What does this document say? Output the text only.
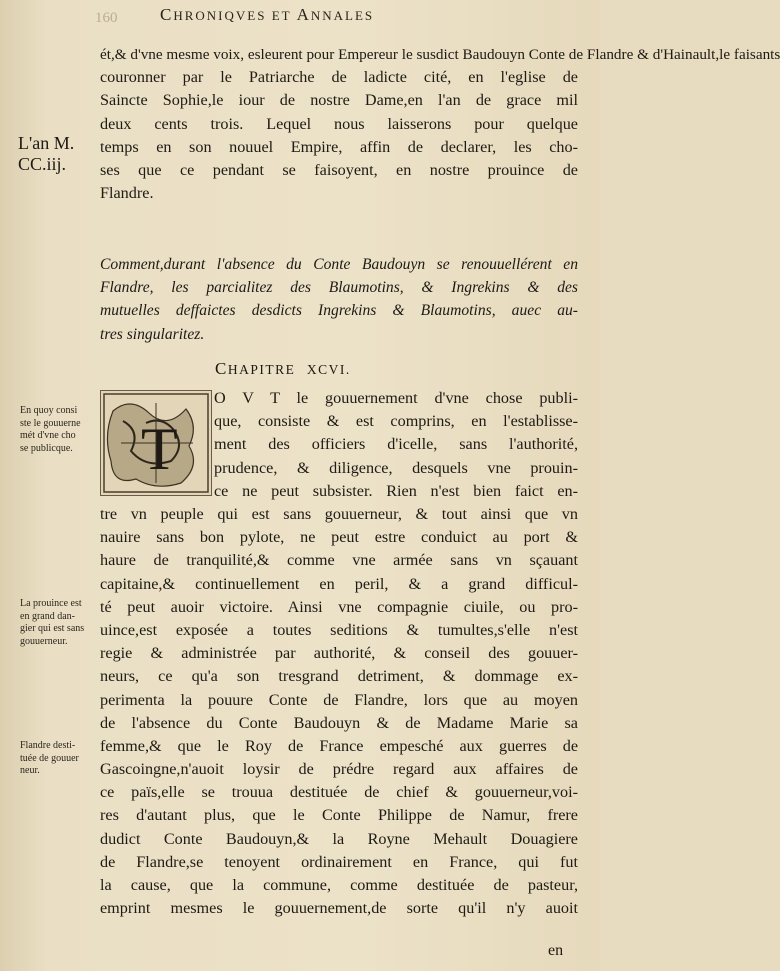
160	CHRONIQVES ET ANNALES
L'an M.
CC.iij.
ét,& d'vne mesme voix, esleurent pour Empereur le susdict Baudouyn Conte de Flandre & d'Hainault,le faisants
couronner par le Patriarche de ladicte cité, en l'eglise de
Saincte Sophie,le iour de nostre Dame,en l'an de grace mil
deux cents trois. Lequel nous laisserons pour quelque
temps en son nouuel Empire, affin de declarer, les cho-
ses que ce pendant se faisoyent, en nostre prouince de
Flandre.
Comment,durant l'absence du Conte Baudouyn se renouuellérent en
Flandre, les parcialitez des Blaumotins, & Ingrekins & des
mutuelles deffaictes desdicts Ingrekins & Blaumotins, auec au-
tres singularitez.
CHAPITRE XCVI.
T
O V T le gouuernement d'vne chose publi-
que, consiste & est comprins, en l'establisse-
ment des officiers d'icelle, sans l'authorité,
prudence, & diligence, desquels vne prouin-
ce ne peut subsister. Rien n'est bien faict en-
tre vn peuple qui est sans gouuerneur, & tout ainsi que vn
nauire sans bon pylote, ne peut estre conduict au port &
haure de tranquilité,& comme vne armée sans vn sçauant
capitaine,& continuellement en peril, & a grand difficul-
té peut auoir victoire. Ainsi vne compagnie ciuile, ou pro-
uince,est exposée a toutes seditions & tumultes,s'elle n'est
regie & administrée par authorité, & conseil des gouuer-
neurs, ce qu'a son tresgrand detriment, & dommage ex-
perimenta la pouure Conte de Flandre, lors que au moyen
de l'absence du Conte Baudouyn & de Madame Marie sa
femme,& que le Roy de France empesché aux guerres de
Gascoingne,n'auoit loysir de prédre regard aux affaires de
ce païs,elle se trouua destituée de chief & gouuerneur,voi-
res d'autant plus, que le Conte Philippe de Namur, frere
dudict Conte Baudouyn,& la Royne Mehault Douagiere
de Flandre,se tenoyent ordinairement en France, qui fut
la cause, que la commune, comme destituée de pasteur,
emprint mesmes le gouuernement,de sorte qu'il n'y auoit
En quoy consi
ste le gouuerne
mét d'vne cho
se publicque.
La prouince est
en grand dan-
gier qui est sans
gouuerneur.
Flandre desti-
tuée de gouuer
neur.
en
